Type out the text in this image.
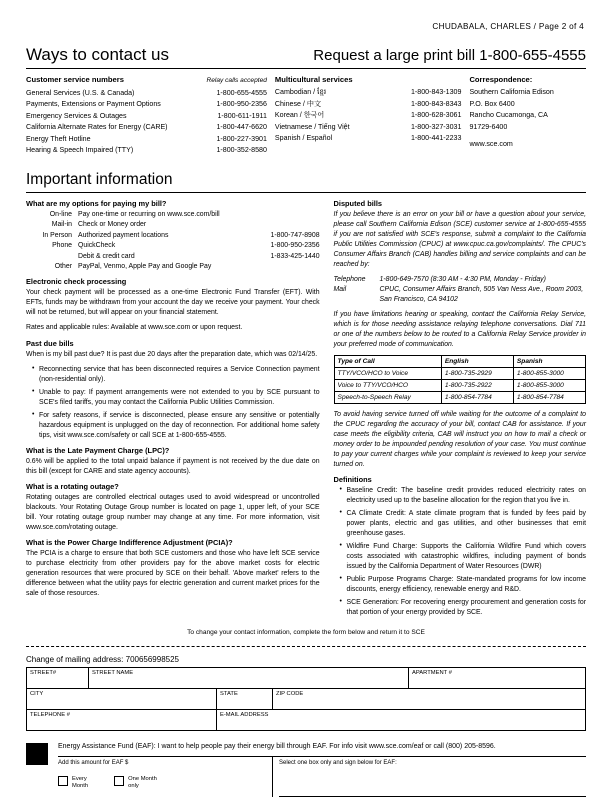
CHUDABALA, CHARLES / Page 2 of 4
Ways to contact us	Request a large print bill 1-800-655-4555
Customer service numbers	Relay calls accepted
General Services (U.S. & Canada)	1-800-655-4555
Payments, Extensions or Payment Options	1-800-950-2356
Emergency Services & Outages	1-800-611-1911
California Alternate Rates for Energy (CARE)	1-800-447-6620
Energy Theft Hotline	1-800-227-3901
Hearing & Speech Impaired (TTY)	1-800-352-8580
Multicultural services
Cambodian / ខ្មែរ	1-800-843-1309
Chinese / 中文	1-800-843-8343
Korean / 한국어	1-800-628-3061
Vietnamese / Tiếng Việt	1-800-327-3031
Spanish / Español	1-800-441-2233
Correspondence:
Southern California Edison
P.O. Box 6400
Rancho Cucamonga, CA
91729-6400
www.sce.com
Important information
What are my options for paying my bill?
On-line	Pay one-time or recurring on www.sce.com/bill	
Mail-in	Check or Money order	
In Person	Authorized payment locations	1-800-747-8908
Phone	QuickCheck	1-800-950-2356
	Debit & credit card	1-833-425-1440
Other	PayPal, Venmo, Apple Pay and Google Pay	
Electronic check processing

Your check payment will be processed as a one-time Electronic Fund Transfer (EFT). With EFTs, funds may be withdrawn from your account the day we receive your payment. Your check will not be returned, but will appear on your financial statement.

Rates and applicable rules: Available at www.sce.com or upon request.

Past due bills

When is my bill past due? It is past due 20 days after the preparation date, which was 02/14/25.

• Reconnecting service that has been disconnected requires a Service Connection payment (non-residential only).
• Unable to pay: If payment arrangements were not extended to you by SCE pursuant to SCE's filed tariffs, you may contact the California Public Utilities Commission.
• For safety reasons, if service is disconnected, please ensure any sensitive or potentially hazardous equipment is unplugged on the day of reconnection. For additional home safety tips, visit www.sce.com/safety or call SCE at 1-800-655-4555.
What is the Late Payment Charge (LPC)?

0.6% will be applied to the total unpaid balance if payment is not received by the due date on this bill (except for CARE and state agency accounts).

What is a rotating outage?

Rotating outages are controlled electrical outages used to avoid widespread or uncontrolled blackouts. Your Rotating Outage Group number is located on page 1, upper left, of your SCE bill. Your rotating outage group number may change at any time. For more information, visit www.sce.com/rotating outage.

What is the Power Charge Indifference Adjustment (PCIA)?

The PCIA is a charge to ensure that both SCE customers and those who have left SCE service to purchase electricity from other providers pay for the above market costs for electric generation resources that were procured by SCE on their behalf. 'Above market' refers to the difference between what the utility pays for electric generation and current market prices for the sale of those resources.

Disputed bills

If you believe there is an error on your bill or have a question about your service, please call Southern California Edison (SCE) customer service at 1-800-655-4555 if you are not satisfied with SCE's response, submit a complaint to the California Public Utilities Commission (CPUC) at www.cpuc.ca.gov/complaints/. The CPUC's Consumer Affairs Branch (CAB) handles billing and service complaints and can be reached by:

Telephone	1-800-649-7570 (8:30 AM - 4:30 PM, Monday - Friday)
Mail	CPUC, Consumer Affairs Branch, 505 Van Ness Ave., Room 2003, San Francisco, CA 94102

If you have limitations hearing or speaking, contact the California Relay Service, which is for those needing assistance relaying telephone conversations. Dial 711 or one of the numbers below to be routed to a California Relay Service provider in your preferred mode of communication.

Type of Call	English	Spanish
TTY/VCO/HCO to Voice	1-800-735-2929	1-800-855-3000
Voice to TTY/VCO/HCO	1-800-735-2922	1-800-855-3000
Speech-to-Speech Relay	1-800-854-7784	1-800-854-7784

To avoid having service turned off while waiting for the outcome of a complaint to the CPUC regarding the accuracy of your bill, contact CAB for assistance. If your case meets the eligibility criteria, CAB will instruct you on how to mail a check or money order to be impounded pending resolution of your case. You must continue to pay your current charges while your complaint is reviewed to keep your service turned on.

Definitions
• Baseline Credit: The baseline credit provides reduced electricity rates on electricity used up to the baseline allocation for the region that you live in.
• CA Climate Credit: A state climate program that is funded by fees paid by power plants, electric and gas utilities, and other businesses that emit greenhouse gases.
• Wildfire Fund Charge: Supports the California Wildfire Fund which covers costs associated with catastrophic wildfires, including payment of bonds issued by the California Department of Water Resources (DWR)
• Public Purpose Programs Charge: State-mandated programs for low income discounts, energy efficiency, renewable energy and R&D.
• SCE Generation: For recovering energy procurement and generation costs for that portion of your energy provided by SCE.
To change your contact information, complete the form below and return it to SCE
Change of mailing address: 700656998525
STREET#	STREET NAME	APARTMENT #
CITY	STATE	ZIP CODE
TELEPHONE #	E-MAIL ADDRESS
Energy Assistance Fund (EAF): I want to help people pay their energy bill through EAF. For info visit www.sce.com/eaf or call (800) 205-8596.
Add this amount for EAF $
Every
Month
One Month
only
Select one box only and sign below for EAF:
